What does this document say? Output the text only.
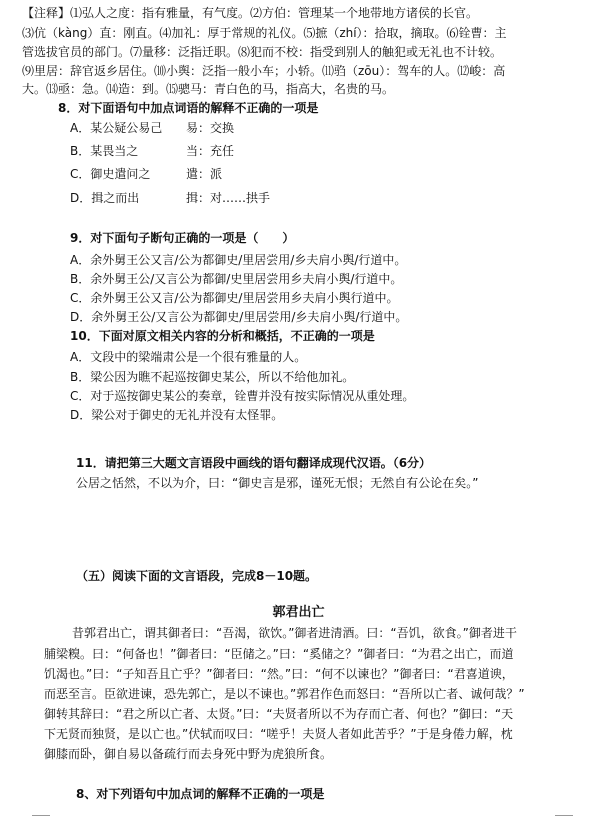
【注释】⑴弘人之度：指有雅量，有气度。⑵方伯：管理某一个地带地方诸侯的长官。
⑶伉（kàng）直：刚直。⑷加礼：厚于常规的礼仪。⑸摭（zhí）：拾取，摘取。⑹铨曹：主
管选拔官员的部门。⑺量移：泛指迁职。⑻犯而不校：指受到别人的触犯或无礼也不计较。
⑼里居：辞官返乡居住。⑽小舆：泛指一般小车；小轿。⑾驺（zōu）：驾车的人。⑿峻：高
大。⒀亟：急。⒁造：到。⒂骢马：青白色的马，指高大，名贵的马。
8．对下面语句中加点词语的解释不正确的一项是
A．某公疑公易己	易：交换
B．某畏当之	当：充任
C．御史遣问之	遣：派
D．揖之而出	揖：对……拱手
9．对下面句子断句正确的一项是（　　）
A．余外舅王公又言/公为都御史/里居尝用/乡夫肩小舆/行道中。
B．余外舅王公/又言公为都御/史里居尝用乡夫肩小舆/行道中。
C．余外舅王公又言/公为都御史/里居尝用乡夫肩小舆行道中。
D．余外舅王公/又言公为都御史/里居尝用/乡夫肩小舆/行道中。
10．下面对原文相关内容的分析和概括，不正确的一项是
A．文段中的梁端肃公是一个很有雅量的人。
B．梁公因为瞧不起巡按御史某公，所以不给他加礼。
C．对于巡按御史某公的奏章，铨曹并没有按实际情况从重处理。
D．梁公对于御史的无礼并没有太怪罪。
11．请把第三大题文言语段中画线的语句翻译成现代汉语。（6分）
公居之恬然，不以为介，曰：“御史言是邪，谨死无恨；无然自有公论在矣。”
（五）阅读下面的文言语段，完成8－10题。
郭君出亡
昔郭君出亡，谓其御者曰：“吾渴，欲饮。”御者进清酒。曰：“吾饥，欲食。”御者进干
脯梁糗。曰：“何备也！”御者曰：“臣储之。”曰：“奚储之？”御者曰：“为君之出亡，而道
饥渴也。”曰：“子知吾且亡乎？”御者曰：“然。”曰：“何不以谏也？”御者曰：“君喜道谀，
而恶至言。臣欲进谏，恐先郭亡，是以不谏也。”郭君作色而怒曰：“吾所以亡者、诚何哉？”
御转其辞曰：“君之所以亡者、太贤。”曰：“夫贤者所以不为存而亡者、何也？”御曰：“天
下无贤而独贤，是以亡也。”伏轼而叹曰：“嗟乎！夫贤人者如此苦乎？”于是身倦力解，枕
御膝而卧，御自易以备疏行而去身死中野为虎狼所食。
8、对下列语句中加点词的解释不正确的一项是
